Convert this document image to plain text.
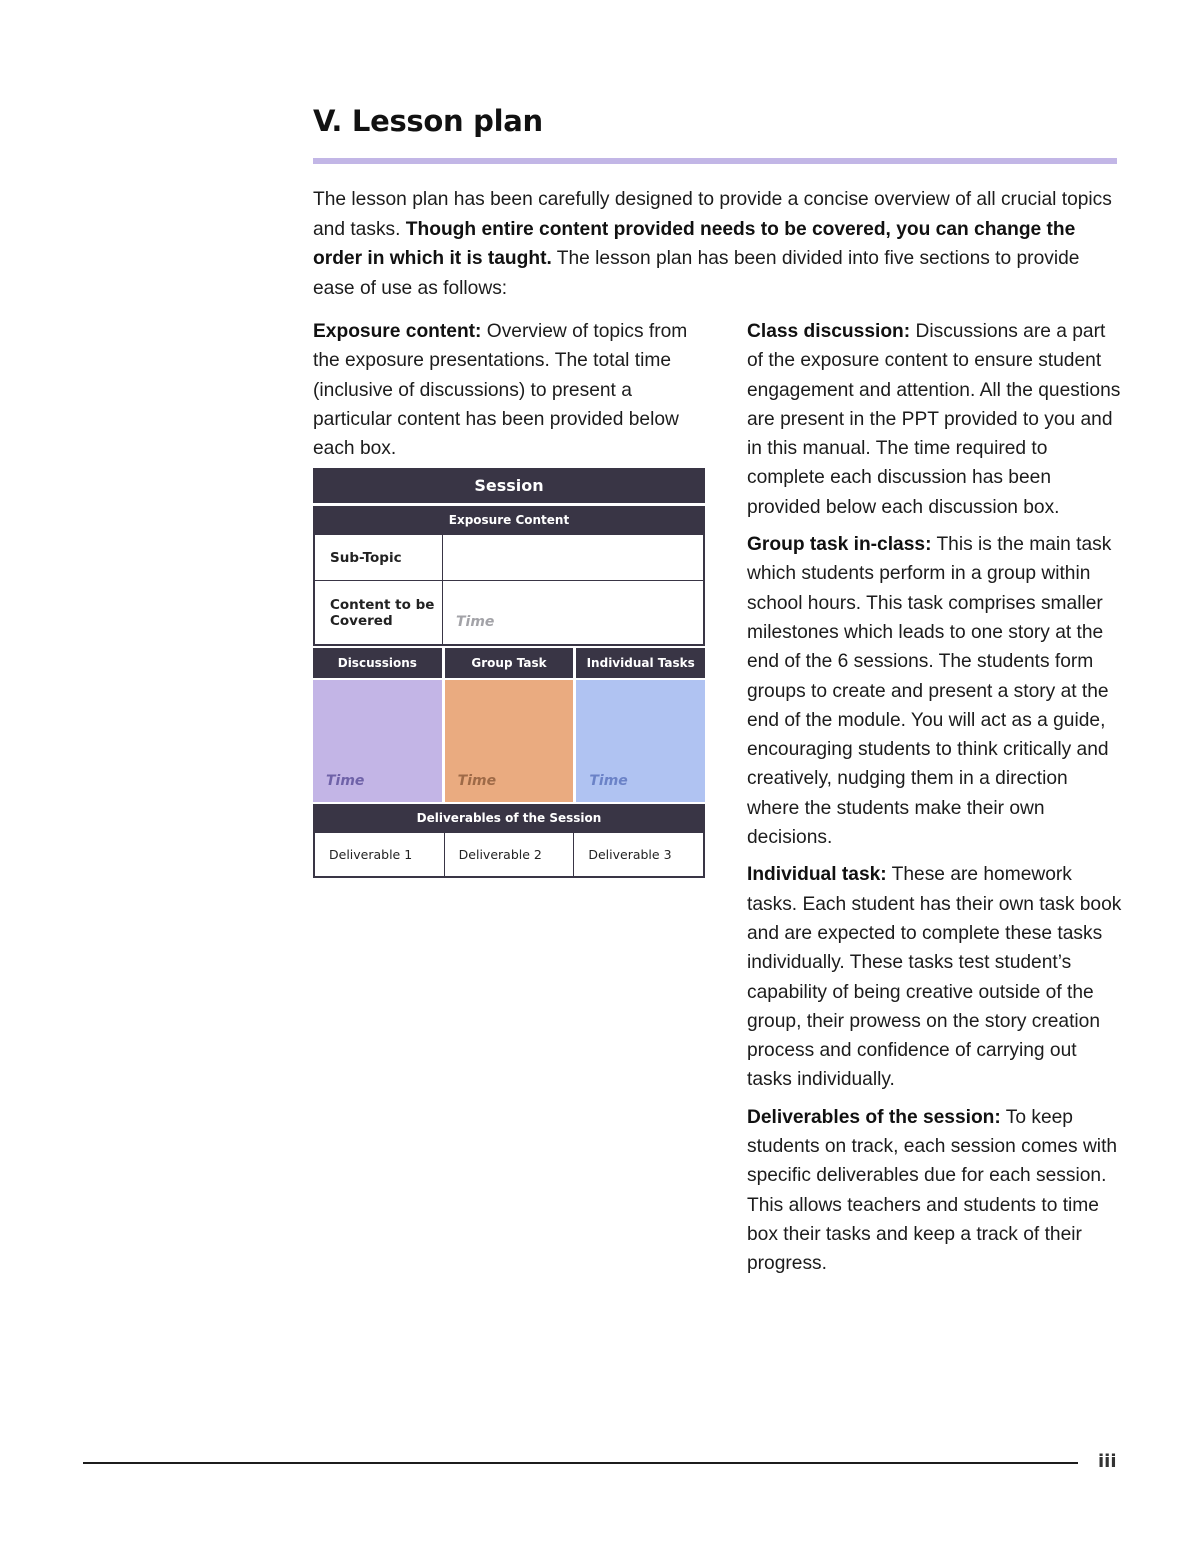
V. Lesson plan

The lesson plan has been carefully designed to provide a concise overview of all crucial topics and tasks. Though entire content provided needs to be covered, you can change the order in which it is taught. The lesson plan has been divided into five sections to provide ease of use as follows:

Exposure content: Overview of topics from the exposure presentations. The total time (inclusive of discussions) to present a particular content has been provided below each box.

Session
Exposure Content
Sub-Topic
Content to be Covered	Time
Discussions	Group Task	Individual Tasks
Time	Time	Time
Deliverables of the Session
Deliverable 1	Deliverable 2	Deliverable 3

Class discussion: Discussions are a part of the exposure content to ensure student engagement and attention. All the questions are present in the PPT provided to you and in this manual. The time required to complete each discussion has been provided below each discussion box.

Group task in-class: This is the main task which students perform in a group within school hours. This task comprises smaller milestones which leads to one story at the end of the 6 sessions. The students form groups to create and present a story at the end of the module. You will act as a guide, encouraging students to think critically and creatively, nudging them in a direction where the students make their own decisions.

Individual task: These are homework tasks. Each student has their own task book and are expected to complete these tasks individually. These tasks test student’s capability of being creative outside of the group, their prowess on the story creation process and confidence of carrying out tasks individually.

Deliverables of the session: To keep students on track, each session comes with specific deliverables due for each session. This allows teachers and students to time box their tasks and keep a track of their progress.

iii
